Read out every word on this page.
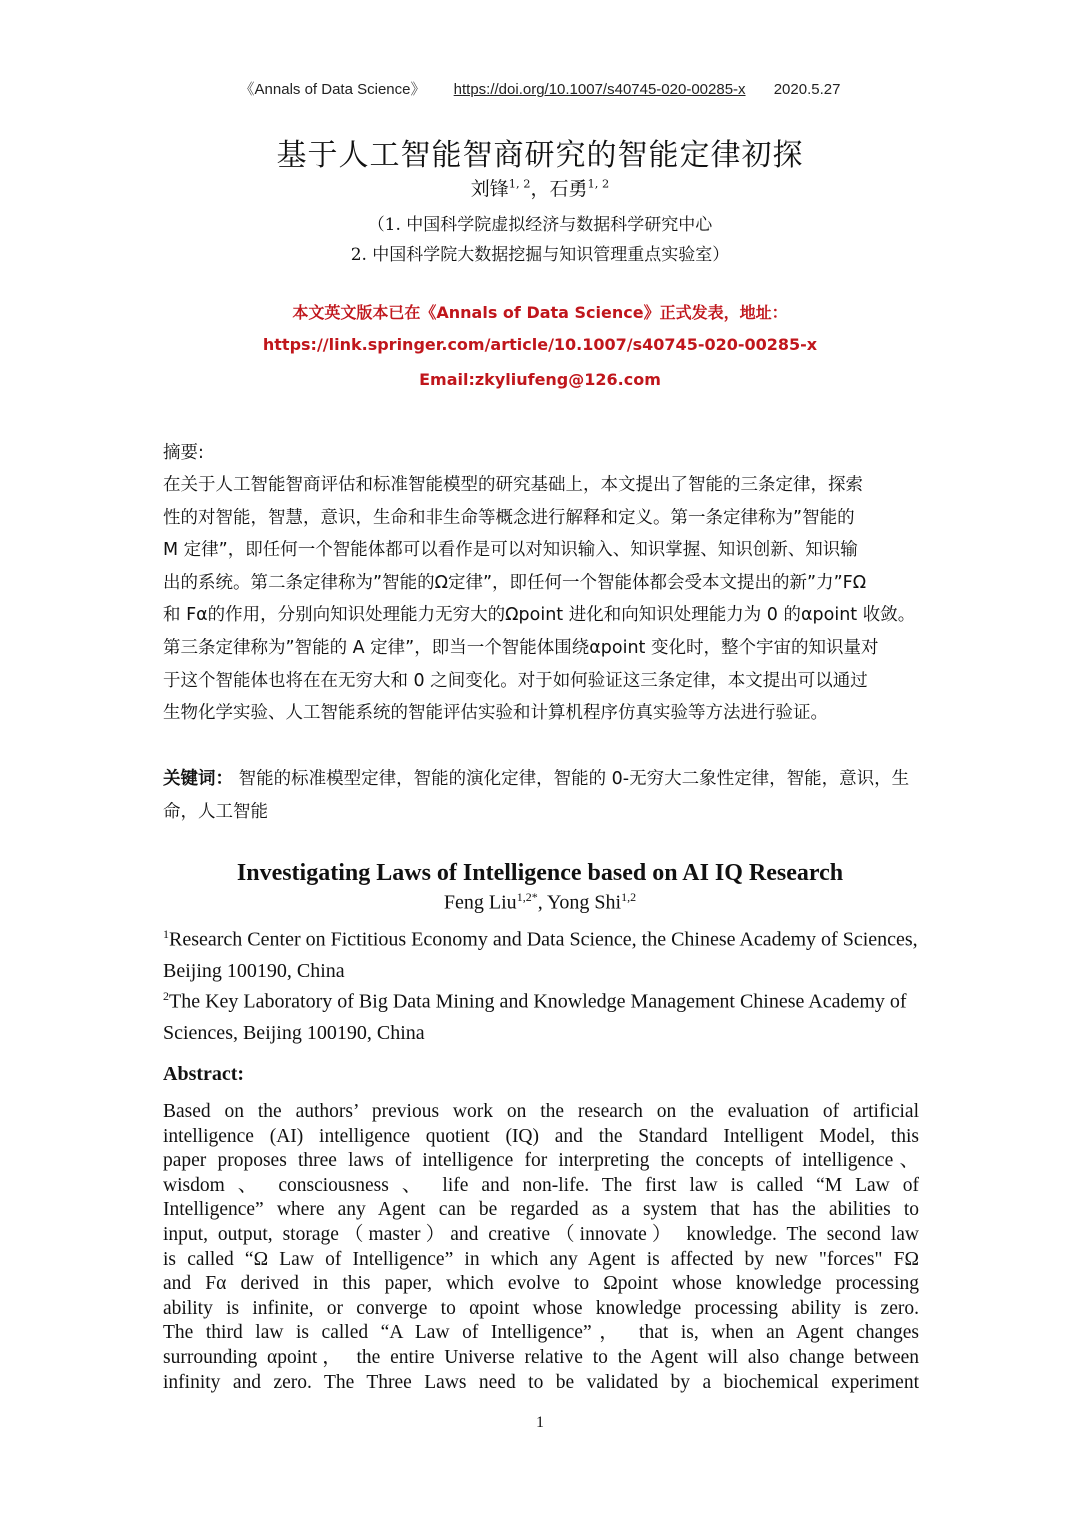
《Annals of Data Science》 https://doi.org/10.1007/s40745-020-00285-x 2020.5.27
基于人工智能智商研究的智能定律初探
刘锋$^{1, 2}$，石勇$^{1, 2}$
（1. 中国科学院虚拟经济与数据科学研究中心
2. 中国科学院大数据挖掘与知识管理重点实验室）
本文英文版本已在《Annals of Data Science》正式发表，地址：
https://link.springer.com/article/10.1007/s40745-020-00285-x
Email:zkyliufeng@126.com
摘要:
在关于人工智能智商评估和标准智能模型的研究基础上，本文提出了智能的三条定律，探索
性的对智能，智慧，意识，生命和非生命等概念进行解释和定义。第一条定律称为”智能的
M 定律”，即任何一个智能体都可以看作是可以对知识输入、知识掌握、知识创新、知识输
出的系统。第二条定律称为”智能的Ω定律”，即任何一个智能体都会受本文提出的新”力”FΩ
和 Fα的作用，分别向知识处理能力无穷大的Ωpoint 进化和向知识处理能力为 0 的αpoint 收敛。
第三条定律称为”智能的 A 定律”，即当一个智能体围绕αpoint 变化时，整个宇宙的知识量对
于这个智能体也将在在无穷大和 0 之间变化。对于如何验证这三条定律，本文提出可以通过
生物化学实验、人工智能系统的智能评估实验和计算机程序仿真实验等方法进行验证。
关键词： 智能的标准模型定律，智能的演化定律，智能的 0-无穷大二象性定律，智能，意识，生命，人工智能
Investigating Laws of Intelligence based on AI IQ Research
Feng Liu$^{1,2*}$, Yong Shi$^{1,2}$
$^1$Research Center on Fictitious Economy and Data Science, the Chinese Academy of Sciences, Beijing 100190, China
$^2$The Key Laboratory of Big Data Mining and Knowledge Management Chinese Academy of Sciences, Beijing 100190, China
Abstract:
Based on the authors’ previous work on the research on the evaluation of artificial
intelligence (AI) intelligence quotient (IQ) and the Standard Intelligent Model, this
paper proposes three laws of intelligence for interpreting the concepts of intelligence、
wisdom 、 consciousness 、 life and non-life. The first law is called “M Law of
Intelligence” where any Agent can be regarded as a system that has the abilities to
input, output, storage（master）and creative（innovate） knowledge. The second law
is called “Ω Law of Intelligence” in which any Agent is affected by new "forces" FΩ
and Fα derived in this paper, which evolve to Ωpoint whose knowledge processing
ability is infinite, or converge to αpoint whose knowledge processing ability is zero.
The third law is called “A Law of Intelligence”， that is, when an Agent changes
surrounding αpoint， the entire Universe relative to the Agent will also change between
infinity and zero. The Three Laws need to be validated by a biochemical experiment
1
